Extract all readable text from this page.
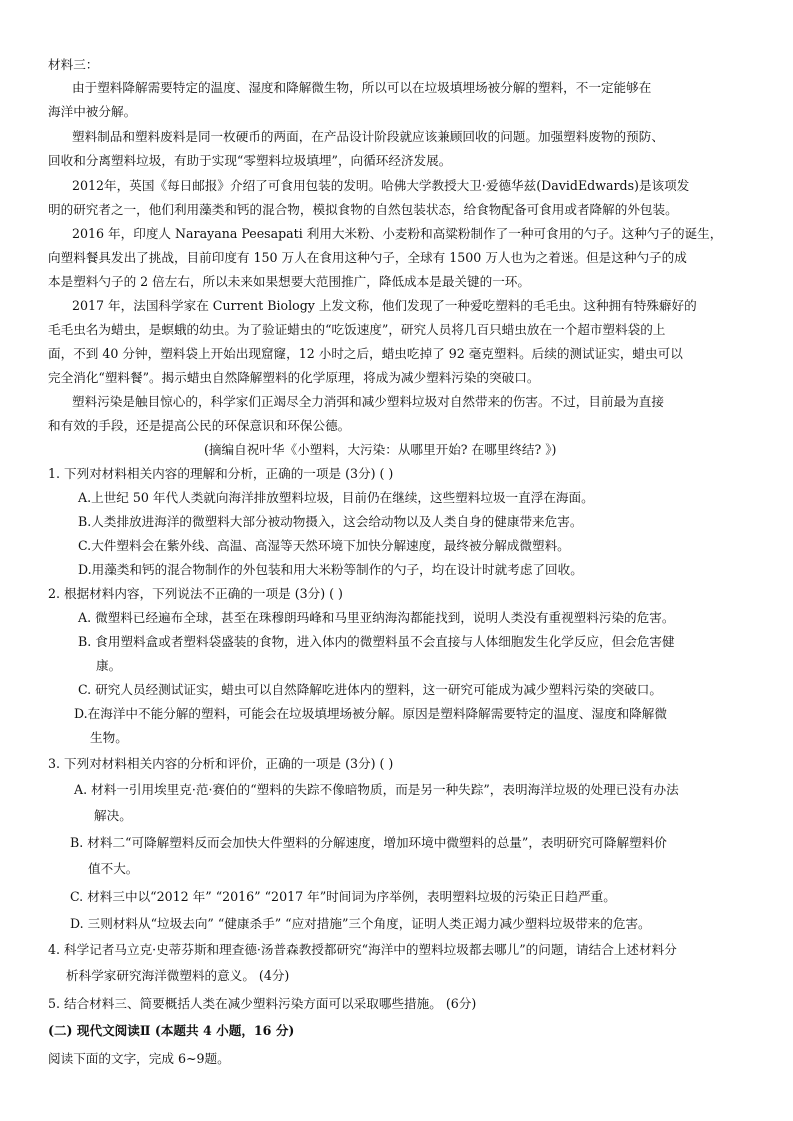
材料三：
由于塑料降解需要特定的温度、湿度和降解微生物，所以可以在垃圾填埋场被分解的塑料，不一定能够在
海洋中被分解。
塑料制品和塑料废料是同一枚硬币的两面，在产品设计阶段就应该兼顾回收的问题。加强塑料废物的预防、
回收和分离塑料垃圾，有助于实现“零塑料垃圾填埋”，向循环经济发展。
2012年，英国《每日邮报》介绍了可食用包装的发明。哈佛大学教授大卫·爱德华兹(DavidEdwards)是该项发
明的研究者之一，他们利用藻类和钙的混合物，模拟食物的自然包装状态，给食物配备可食用或者降解的外包装。
2016 年，印度人 Narayana Peesapati 利用大米粉、小麦粉和高粱粉制作了一种可食用的勺子。这种勺子的诞生，
向塑料餐具发出了挑战，目前印度有 150 万人在食用这种勺子，全球有 1500 万人也为之着迷。但是这种勺子的成
本是塑料勺子的 2 倍左右，所以未来如果想要大范围推广，降低成本是最关键的一环。
2017 年，法国科学家在 Current Biology 上发文称，他们发现了一种爱吃塑料的毛毛虫。这种拥有特殊癖好的
毛毛虫名为蜡虫，是螟蛾的幼虫。为了验证蜡虫的“吃饭速度”，研究人员将几百只蜡虫放在一个超市塑料袋的上
面，不到 40 分钟，塑料袋上开始出现窟窿，12 小时之后，蜡虫吃掉了 92 毫克塑料。后续的测试证实，蜡虫可以
完全消化“塑料餐”。揭示蜡虫自然降解塑料的化学原理，将成为减少塑料污染的突破口。
塑料污染是触目惊心的，科学家们正竭尽全力消弭和减少塑料垃圾对自然带来的伤害。不过，目前最为直接
和有效的手段，还是提高公民的环保意识和环保公德。
(摘编自祝叶华《小塑料，大污染：从哪里开始? 在哪里终结? 》)
1. 下列对材料相关内容的理解和分析，正确的一项是 (3分) ( )
A.上世纪 50 年代人类就向海洋排放塑料垃圾，目前仍在继续，这些塑料垃圾一直浮在海面。
B.人类排放进海洋的微塑料大部分被动物摄入，这会给动物以及人类自身的健康带来危害。
C.大件塑料会在紫外线、高温、高湿等天然环境下加快分解速度，最终被分解成微塑料。
D.用藻类和钙的混合物制作的外包装和用大米粉等制作的勺子，均在设计时就考虑了回收。
2. 根据材料内容，下列说法不正确的一项是 (3分) ( )
A. 微塑料已经遍布全球，甚至在珠穆朗玛峰和马里亚纳海沟都能找到，说明人类没有重视塑料污染的危害。
B. 食用塑料盒或者塑料袋盛装的食物，进入体内的微塑料虽不会直接与人体细胞发生化学反应，但会危害健
康。
C. 研究人员经测试证实，蜡虫可以自然降解吃进体内的塑料，这一研究可能成为减少塑料污染的突破口。
D.在海洋中不能分解的塑料，可能会在垃圾填埋场被分解。原因是塑料降解需要特定的温度、湿度和降解微
生物。
3. 下列对材料相关内容的分析和评价，正确的一项是 (3分) ( )
A. 材料一引用埃里克·范·赛伯的“塑料的失踪不像暗物质，而是另一种失踪”，表明海洋垃圾的处理已没有办法
解决。
B. 材料二“可降解塑料反而会加快大件塑料的分解速度，增加环境中微塑料的总量”，表明研究可降解塑料价
值不大。
C. 材料三中以“2012 年” “2016” “2017 年”时间词为序举例，表明塑料垃圾的污染正日趋严重。
D. 三则材料从“垃圾去向” “健康杀手” “应对措施”三个角度，证明人类正竭力减少塑料垃圾带来的危害。
4. 科学记者马立克·史蒂芬斯和理查德·汤普森教授都研究“海洋中的塑料垃圾都去哪儿”的问题，请结合上述材料分
析科学家研究海洋微塑料的意义。 (4分)
5. 结合材料三、简要概括人类在减少塑料污染方面可以采取哪些措施。 (6分)
(二) 现代文阅读Ⅱ (本题共 4 小题，16 分)
阅读下面的文字，完成 6~9题。
